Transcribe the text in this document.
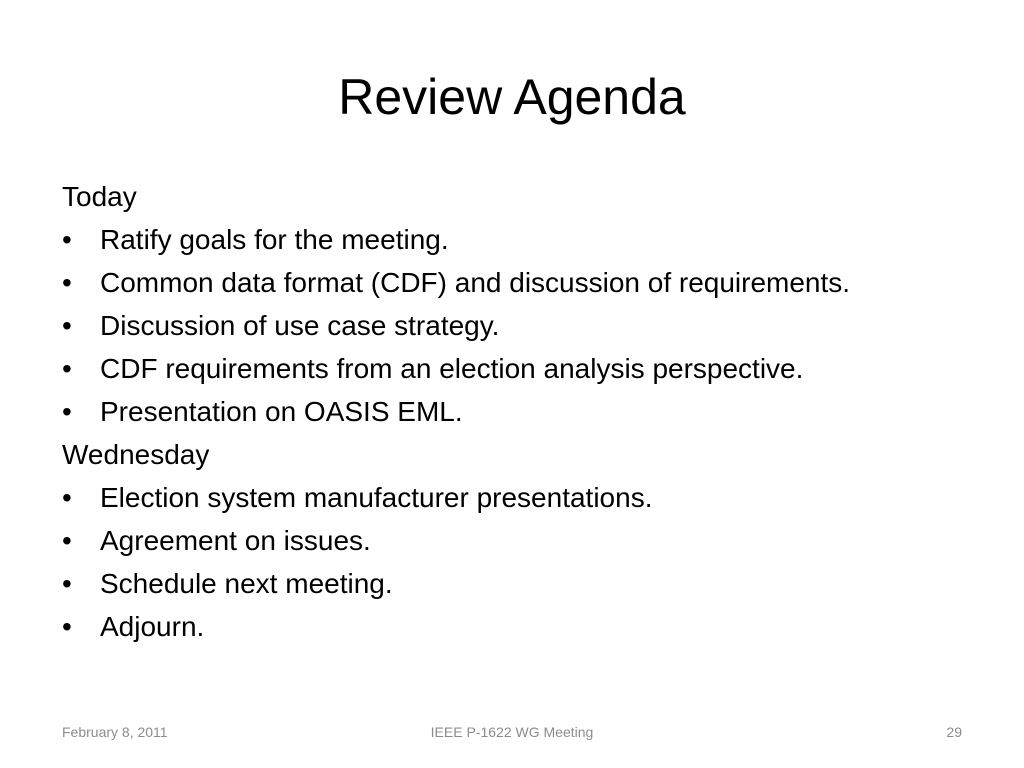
Review Agenda
Today
•	Ratify goals for the meeting.
•	Common data format (CDF) and discussion of requirements.
•	Discussion of use case strategy.
•	CDF requirements from an election analysis perspective.
•	Presentation on OASIS EML.
Wednesday
•	Election system manufacturer presentations.
•	Agreement on issues.
•	Schedule next meeting.
•	Adjourn.
February 8, 2011	IEEE P-1622 WG Meeting	29
